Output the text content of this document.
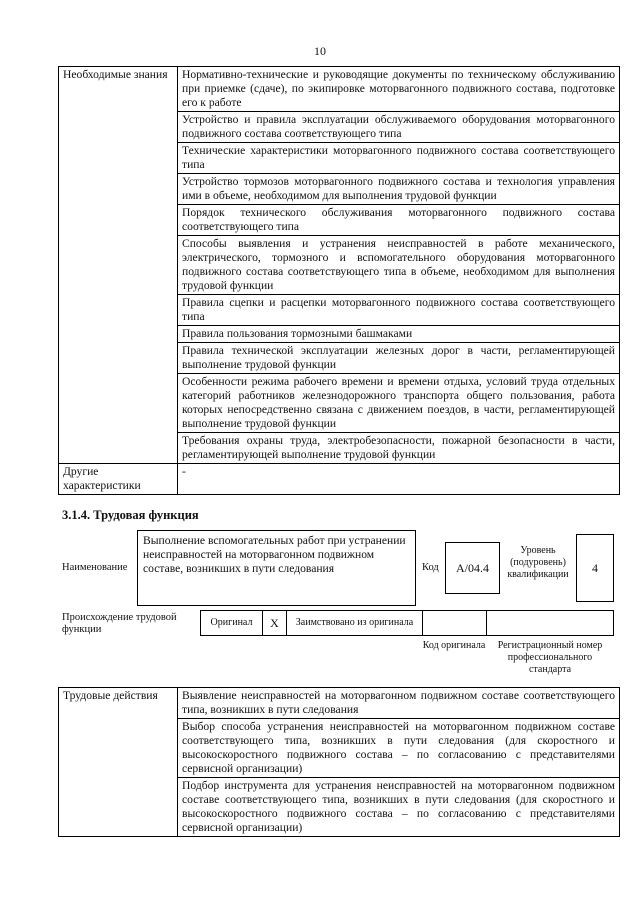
10
Необходимые знания	Нормативно-технические и руководящие документы по техническому обслуживанию при приемке (сдаче), по экипировке моторвагонного подвижного состава, подготовке его к работе
	Устройство и правила эксплуатации обслуживаемого оборудования моторвагонного подвижного состава соответствующего типа
	Технические характеристики моторвагонного подвижного состава соответствующего типа
	Устройство тормозов моторвагонного подвижного состава и технология управления ими в объеме, необходимом для выполнения трудовой функции
	Порядок технического обслуживания моторвагонного подвижного состава соответствующего типа
	Способы выявления и устранения неисправностей в работе механического, электрического, тормозного и вспомогательного оборудования моторвагонного подвижного состава соответствующего типа в объеме, необходимом для выполнения трудовой функции
	Правила сцепки и расцепки моторвагонного подвижного состава соответствующего типа
	Правила пользования тормозными башмаками
	Правила технической эксплуатации железных дорог в части, регламентирующей выполнение трудовой функции
	Особенности режима рабочего времени и времени отдыха, условий труда отдельных категорий работников железнодорожного транспорта общего пользования, работа которых непосредственно связана с движением поездов, в части, регламентирующей выполнение трудовой функции
	Требования охраны труда, электробезопасности, пожарной безопасности в части, регламентирующей выполнение трудовой функции
Другие характеристики	-
3.1.4. Трудовая функция
Наименование
Выполнение вспомогательных работ при устранении неисправностей на моторвагонном подвижном составе, возникших в пути следования	Код	A/04.4
Уровень (подуровень) квалификации	4
Происхождение трудовой функции
Оригинал	X	Заимствовано из оригинала
Код оригинала	Регистрационный номер профессионального стандарта
Трудовые действия	Выявление неисправностей на моторвагонном подвижном составе соответствующего типа, возникших в пути следования
Выбор способа устранения неисправностей на моторвагонном подвижном составе соответствующего типа, возникших в пути следования (для скоростного и высокоскоростного подвижного состава – по согласованию с представителями сервисной организации)
Подбор инструмента для устранения неисправностей на моторвагонном подвижном составе соответствующего типа, возникших в пути следования (для скоростного и высокоскоростного подвижного состава – по согласованию с представителями сервисной организации)
